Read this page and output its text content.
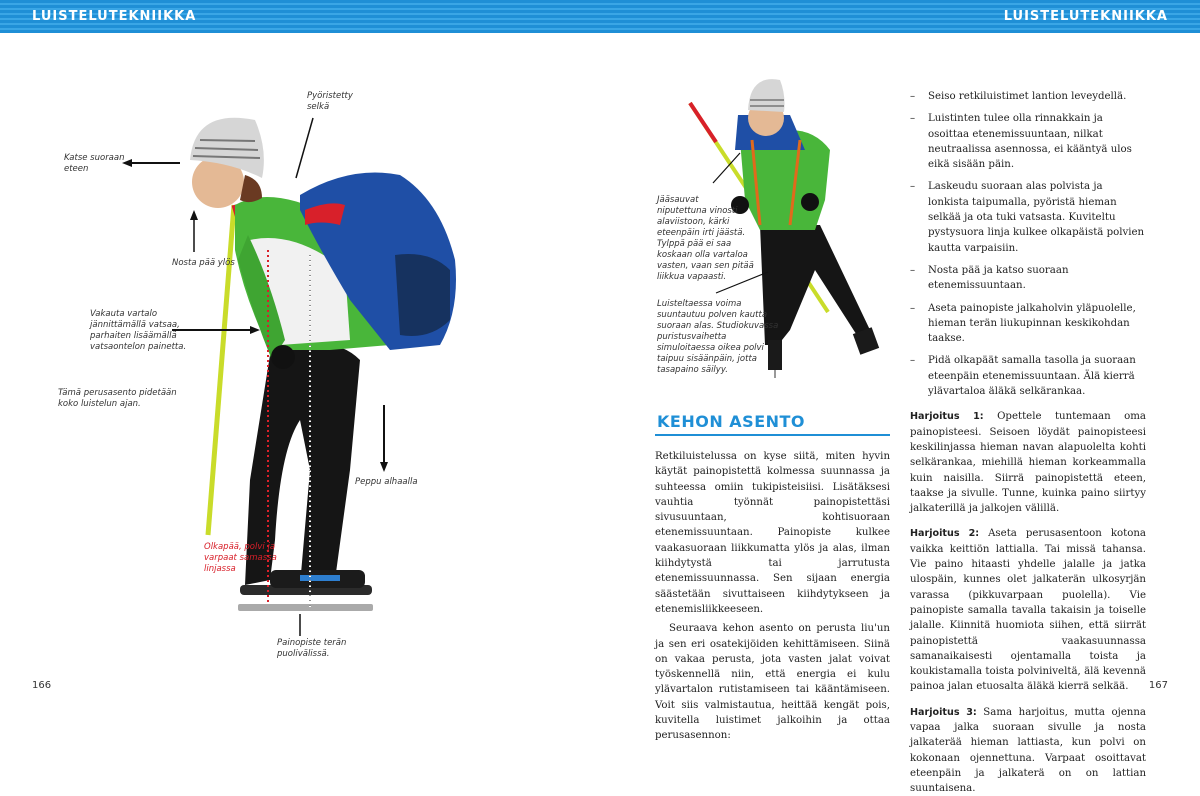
LUISTELUTEKNIIKKA	LUISTELUTEKNIIKKA
Katse suoraan
eteen
Pyöristetty
selkä
Nosta pää ylös
Vakauta vartalo
jännittämällä vatsaa,
parhaiten lisäämällä
vatsaontelon painetta.
Tämä perusasento pidetään
koko luistelun ajan.
Peppu alhaalla
Olkapää, polvi ja
varpaat samassa
linjassa
Painopiste terän
puolivälissä.
166
Jääsauvat
niputettuna vinosti
alaviistoon, kärki
eteenpäin irti jäästä.
Tylppä pää ei saa
koskaan olla vartaloa
vasten, vaan sen pitää
liikkua vapaasti.
Luisteltaessa voima
suuntautuu polven kautta
suoraan alas. Studiokuvassa
puristusvaihetta
simuloitaessa oikea polvi
taipuu sisäänpäin, jotta
tasapaino säilyy.
KEHON ASENTO

Retkiluistelussa on kyse siitä, miten hyvin käytät painopistettä kolmessa suunnassa ja suhteessa omiin tukipisteisiisi. Lisätäksesi vauhtia työnnät painopistettäsi sivusuuntaan, kohtisuoraan etenemissuuntaan. Painopiste kulkee vaakasuoraan liikkumatta ylös ja alas, ilman kiihdytystä tai jarrutusta etenemissuunnassa. Sen sijaan energia säästetään sivuttaiseen kiihdytykseen ja etenemisliikkeeseen.

Seuraava kehon asento on perusta liu'un ja sen eri osatekijöiden kehittämiseen. Siinä on vakaa perusta, jota vasten jalat voivat työskennellä niin, että energia ei kulu ylävartalon rutistamiseen tai kääntämiseen. Voit siis valmistautua, heittää kengät pois, kuvitella luistimet jalkoihin ja ottaa perusasennon:

– Seiso retkiluistimet lantion leveydellä.
– Luistinten tulee olla rinnakkain ja osoittaa etenemissuuntaan, nilkat neutraalissa asennossa, ei kääntyä ulos eikä sisään päin.
– Laskeudu suoraan alas polvista ja lonkista taipumalla, pyöristä hieman selkää ja ota tuki vatsasta. Kuviteltu pystysuora linja kulkee olkapäistä polvien kautta varpaisiin.
– Nosta pää ja katso suoraan etenemissuuntaan.
– Aseta painopiste jalkaholvin yläpuolelle, hieman terän liukupinnan keskikohdan taakse.
– Pidä olkapäät samalla tasolla ja suoraan eteenpäin etenemissuuntaan. Älä kierrä ylävartaloa äläkä selkärankaa.

Harjoitus 1: Opettele tuntemaan oma painopisteesi. Seisoen löydät painopisteesi keskilinjassa hieman navan alapuolelta kohti selkärankaa, miehillä hieman korkeammalla kuin naisilla. Siirrä painopistettä eteen, taakse ja sivulle. Tunne, kuinka paino siirtyy jalkaterillä ja jalkojen välillä.

Harjoitus 2: Aseta perusasentoon kotona vaikka keittiön lattialla. Tai missä tahansa. Vie paino hitaasti yhdelle jalalle ja jatka ulospäin, kunnes olet jalkaterän ulkosyrjän varassa (pikkuvarpaan puolella). Vie painopiste samalla tavalla takaisin ja toiselle jalalle. Kiinnitä huomiota siihen, että siirrät painopistettä vaakasuunnassa samanaikaisesti ojentamalla toista ja koukistamalla toista polviniveltä, älä kevennä painoa jalan etuosalta äläkä kierrä selkää.

Harjoitus 3: Sama harjoitus, mutta ojenna vapaa jalka suoraan sivulle ja nosta jalkaterää hieman lattiasta, kun polvi on kokonaan ojennettuna. Varpaat osoittavat eteenpäin ja jalkaterä on on lattian suuntaisena.

167
